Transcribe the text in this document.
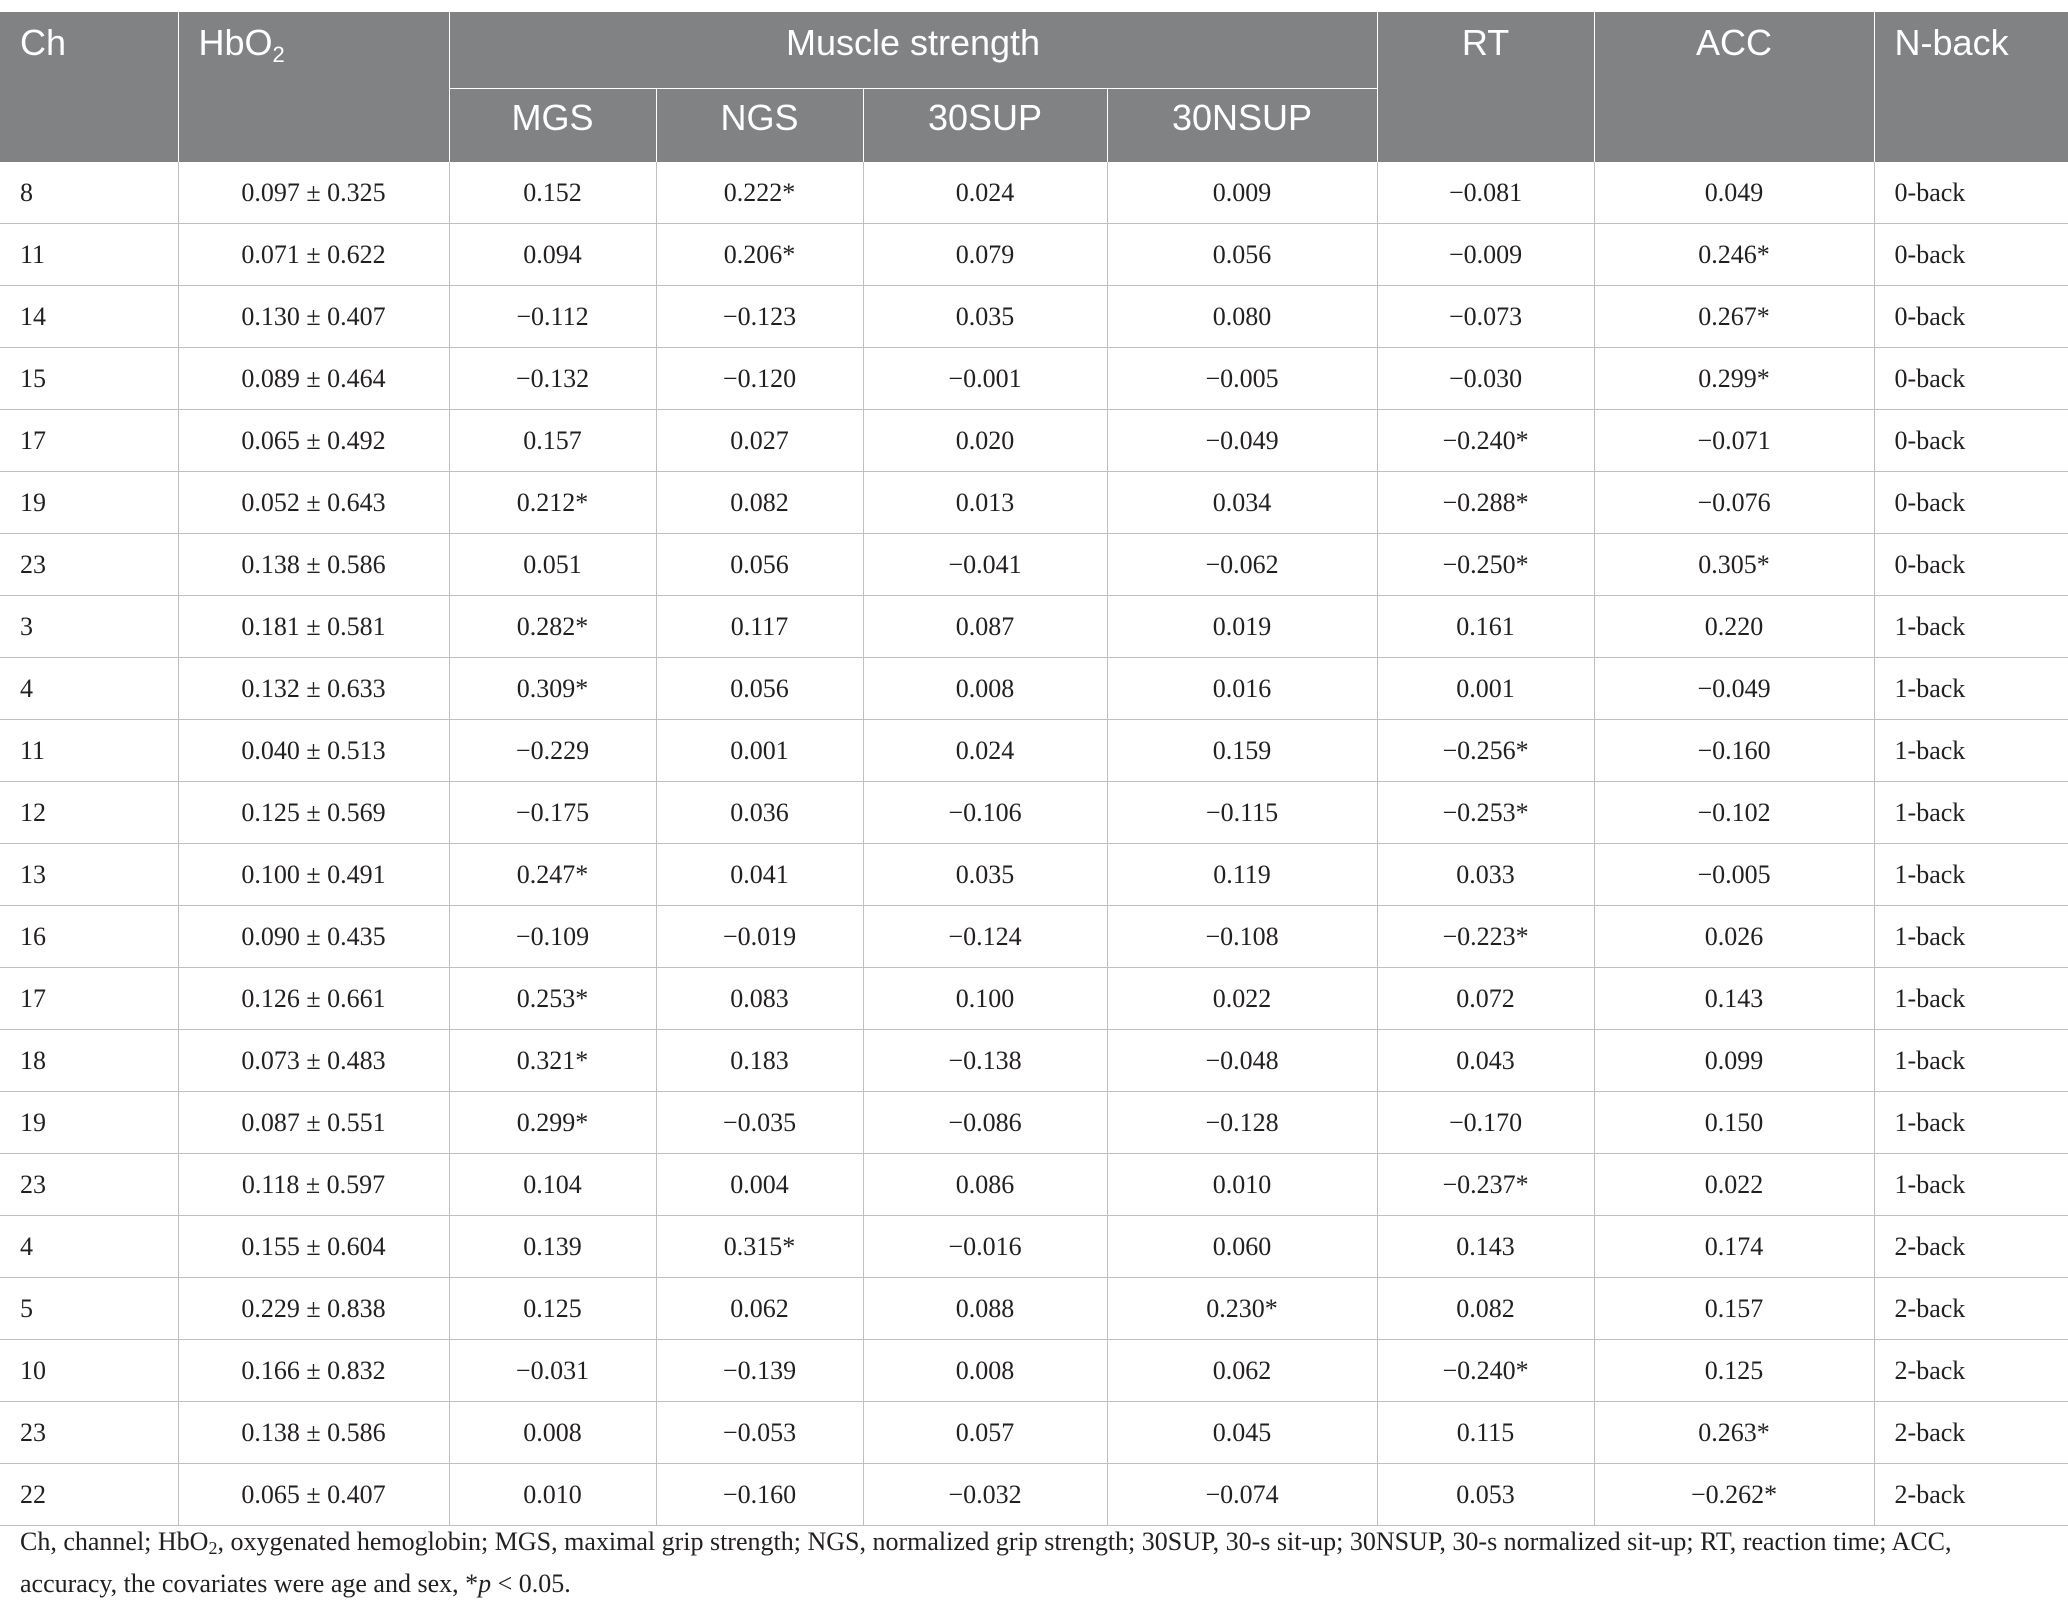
Ch	HbO$_2$	Muscle strength				RT	ACC	N-back
		MGS	NGS	30SUP	30NSUP			
8	0.097 ± 0.325	0.152	0.222*	0.024	0.009	−0.081	0.049	0-back
11	0.071 ± 0.622	0.094	0.206*	0.079	0.056	−0.009	0.246*	0-back
14	0.130 ± 0.407	−0.112	−0.123	0.035	0.080	−0.073	0.267*	0-back
15	0.089 ± 0.464	−0.132	−0.120	−0.001	−0.005	−0.030	0.299*	0-back
17	0.065 ± 0.492	0.157	0.027	0.020	−0.049	−0.240*	−0.071	0-back
19	0.052 ± 0.643	0.212*	0.082	0.013	0.034	−0.288*	−0.076	0-back
23	0.138 ± 0.586	0.051	0.056	−0.041	−0.062	−0.250*	0.305*	0-back
3	0.181 ± 0.581	0.282*	0.117	0.087	0.019	0.161	0.220	1-back
4	0.132 ± 0.633	0.309*	0.056	0.008	0.016	0.001	−0.049	1-back
11	0.040 ± 0.513	−0.229	0.001	0.024	0.159	−0.256*	−0.160	1-back
12	0.125 ± 0.569	−0.175	0.036	−0.106	−0.115	−0.253*	−0.102	1-back
13	0.100 ± 0.491	0.247*	0.041	0.035	0.119	0.033	−0.005	1-back
16	0.090 ± 0.435	−0.109	−0.019	−0.124	−0.108	−0.223*	0.026	1-back
17	0.126 ± 0.661	0.253*	0.083	0.100	0.022	0.072	0.143	1-back
18	0.073 ± 0.483	0.321*	0.183	−0.138	−0.048	0.043	0.099	1-back
19	0.087 ± 0.551	0.299*	−0.035	−0.086	−0.128	−0.170	0.150	1-back
23	0.118 ± 0.597	0.104	0.004	0.086	0.010	−0.237*	0.022	1-back
4	0.155 ± 0.604	0.139	0.315*	−0.016	0.060	0.143	0.174	2-back
5	0.229 ± 0.838	0.125	0.062	0.088	0.230*	0.082	0.157	2-back
10	0.166 ± 0.832	−0.031	−0.139	0.008	0.062	−0.240*	0.125	2-back
23	0.138 ± 0.586	0.008	−0.053	0.057	0.045	0.115	0.263*	2-back
22	0.065 ± 0.407	0.010	−0.160	−0.032	−0.074	0.053	−0.262*	2-back
Ch, channel; HbO$_2$, oxygenated hemoglobin; MGS, maximal grip strength; NGS, normalized grip strength; 30SUP, 30-s sit-up; 30NSUP, 30-s normalized sit-up; RT, reaction time; ACC, accuracy, the covariates were age and sex, *p < 0.05.
